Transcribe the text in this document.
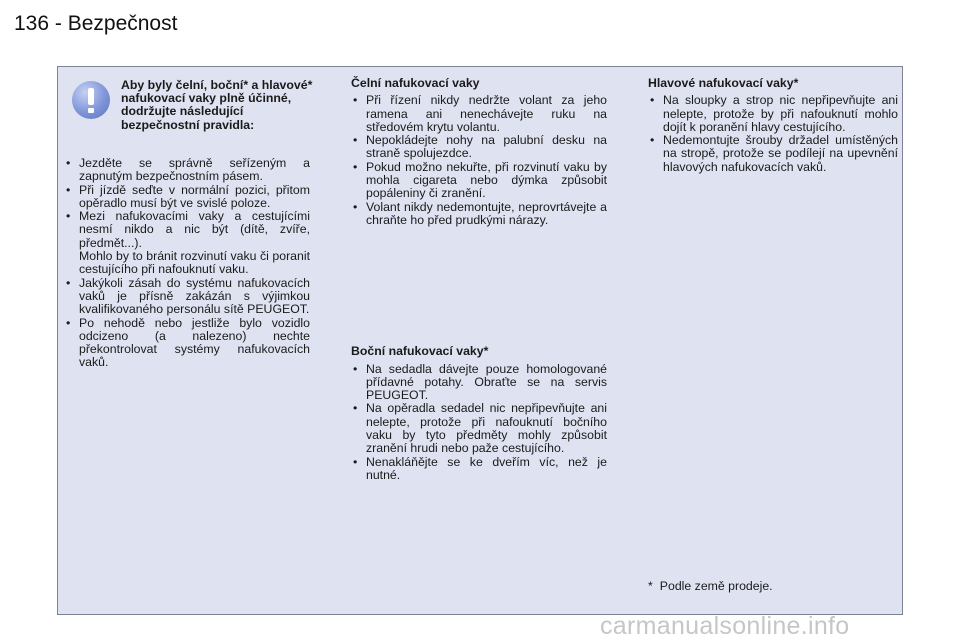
136 - Bezpečnost
Aby byly čelní, boční* a hlavové* nafukovací vaky plně účinné, dodržujte následující bezpečnostní pravidla:
• Jezděte se správně seřízeným a zapnutým bezpečnostním pásem.
• Při jízdě seďte v normální pozici, přitom opěradlo musí být ve svislé poloze.
• Mezi nafukovacími vaky a cestujícími nesmí nikdo a nic být (dítě, zvíře, předmět...).
Mohlo by to bránit rozvinutí vaku či poranit cestujícího při nafouknutí vaku.
• Jakýkoli zásah do systému nafukovacích vaků je přísně zakázán s výjimkou kvalifikovaného personálu sítě PEUGEOT.
• Po nehodě nebo jestliže bylo vozidlo odcizeno (a nalezeno) nechte překontrolovat systémy nafukovacích vaků.
Čelní nafukovací vaky
• Při řízení nikdy nedržte volant za jeho ramena ani nenechávejte ruku na středovém krytu volantu.
• Nepokládejte nohy na palubní desku na straně spolujezdce.
• Pokud možno nekuřte, při rozvinutí vaku by mohla cigareta nebo dýmka způsobit popáleniny či zranění.
• Volant nikdy nedemontujte, neprovrtávejte a chraňte ho před prudkými nárazy.
Boční nafukovací vaky*
• Na sedadla dávejte pouze homologované přídavné potahy. Obraťte se na servis PEUGEOT.
• Na opěradla sedadel nic nepřipevňujte ani nelepte, protože při nafouknutí bočního vaku by tyto předměty mohly způsobit zranění hrudi nebo paže cestujícího.
• Nenakláňějte se ke dveřím víc, než je nutné.
Hlavové nafukovací vaky*
• Na sloupky a strop nic nepřipevňujte ani nelepte, protože by při nafouknutí mohlo dojít k poranění hlavy cestujícího.
• Nedemontujte šrouby držadel umístěných na stropě, protože se podílejí na upevnění hlavových nafukovacích vaků.
* Podle země prodeje.
carmanualsonline.info
